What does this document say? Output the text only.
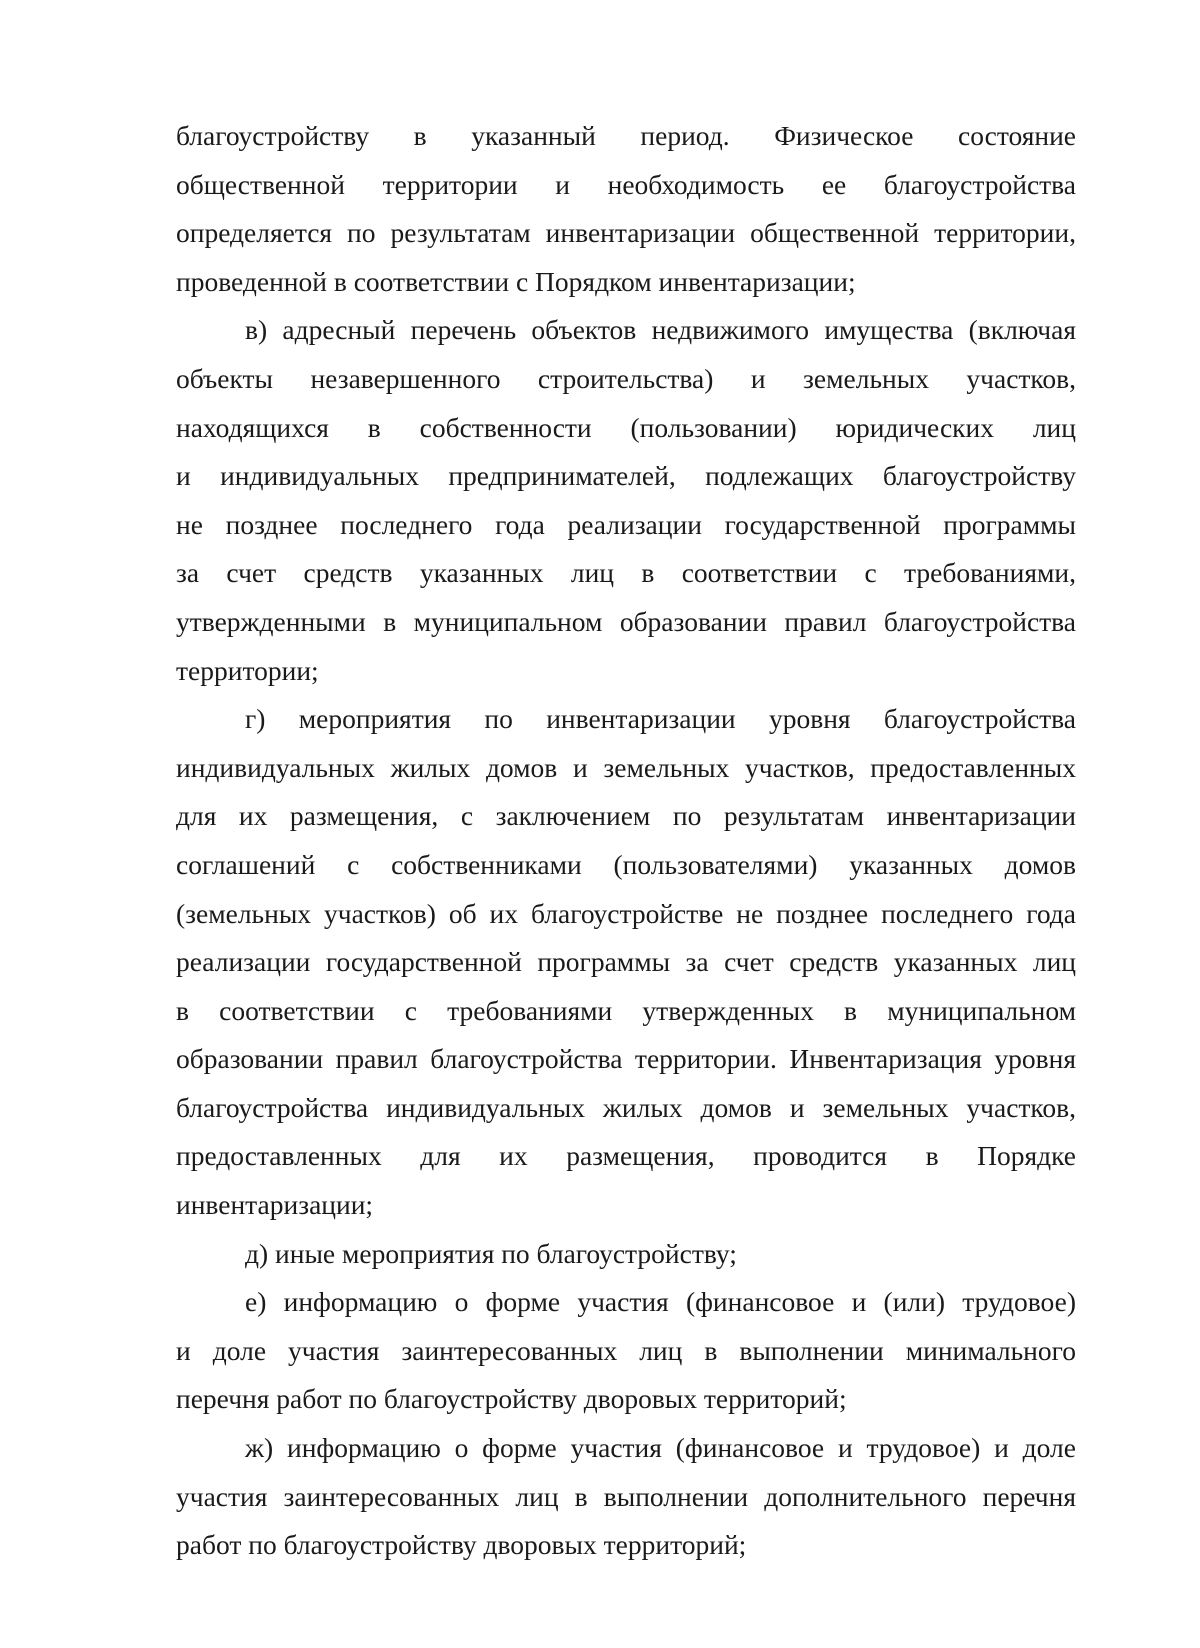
благоустройству в указанный период. Физическое состояние
общественной территории и необходимость ее благоустройства
определяется по результатам инвентаризации общественной территории,
проведенной в соответствии с Порядком инвентаризации;

в) адресный перечень объектов недвижимого имущества (включая
объекты незавершенного строительства) и земельных участков,
находящихся в собственности (пользовании) юридических лиц
и индивидуальных предпринимателей, подлежащих благоустройству
не позднее последнего года реализации государственной программы
за счет средств указанных лиц в соответствии с требованиями,
утвержденными в муниципальном образовании правил благоустройства
территории;

г) мероприятия по инвентаризации уровня благоустройства
индивидуальных жилых домов и земельных участков, предоставленных
для их размещения, с заключением по результатам инвентаризации
соглашений с собственниками (пользователями) указанных домов
(земельных участков) об их благоустройстве не позднее последнего года
реализации государственной программы за счет средств указанных лиц
в соответствии с требованиями утвержденных в муниципальном
образовании правил благоустройства территории. Инвентаризация уровня
благоустройства индивидуальных жилых домов и земельных участков,
предоставленных для их размещения, проводится в Порядке
инвентаризации;

д) иные мероприятия по благоустройству;

е) информацию о форме участия (финансовое и (или) трудовое)
и доле участия заинтересованных лиц в выполнении минимального
перечня работ по благоустройству дворовых территорий;

ж) информацию о форме участия (финансовое и трудовое) и доле
участия заинтересованных лиц в выполнении дополнительного перечня
работ по благоустройству дворовых территорий;
